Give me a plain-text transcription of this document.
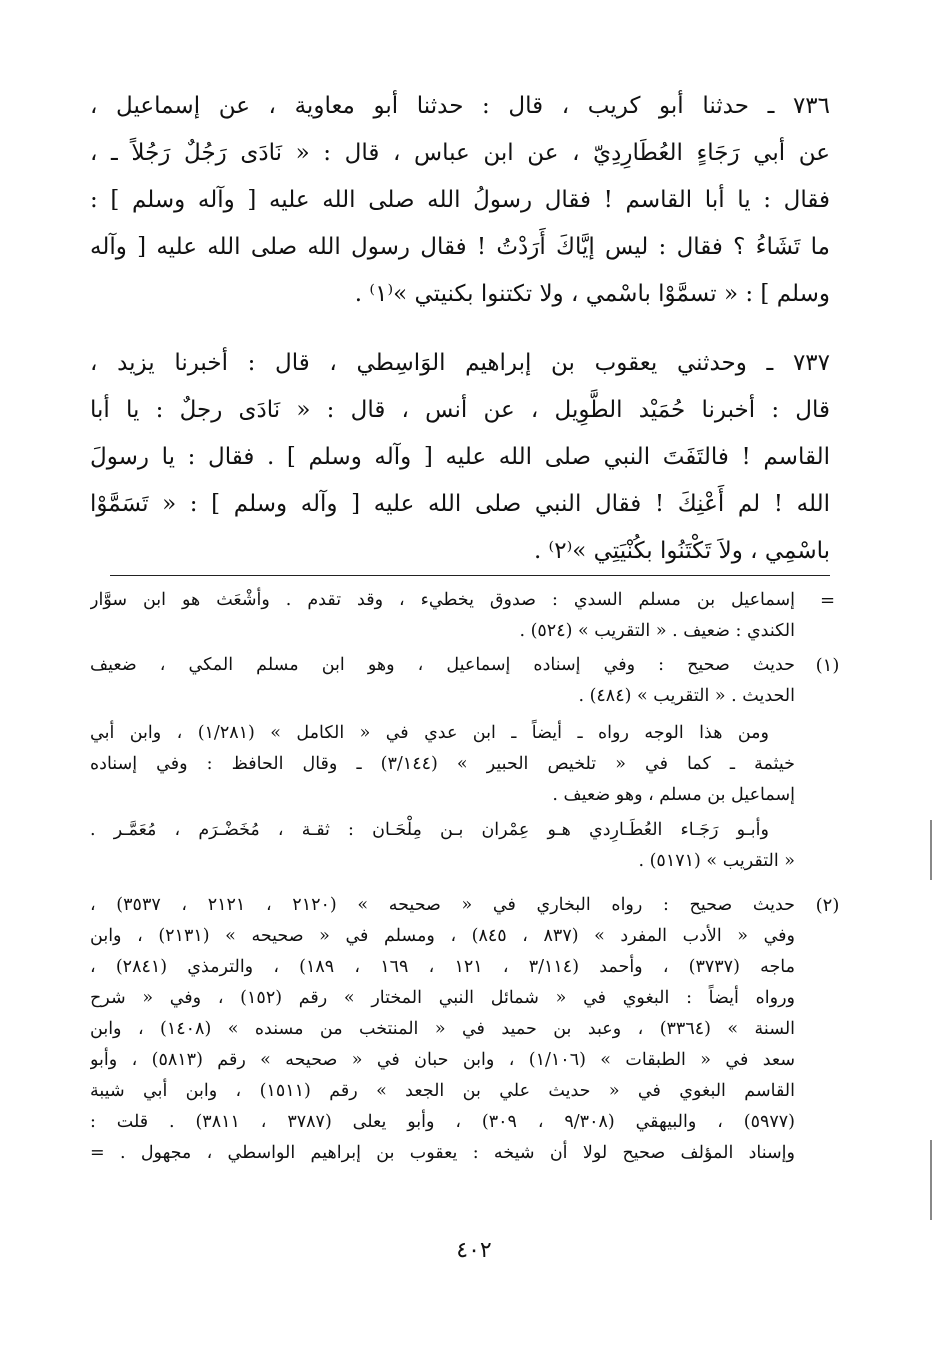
٧٣٦ ـ حدثنا أبو كريب ، قال : حدثنا أبو معاوية ، عن إسماعيل ،
عن أبي رَجَاءٍ العُطَارِدِيّ ، عن ابن عباس ، قال : « نَادَى رَجُلٌ رَجُلاً ـ ،
فقال : يا أبا القاسم ! فقال رسولُ الله صلى الله عليه [ وآله وسلم ] :
ما تَشَاءُ ؟ فقال : ليس إيَّاكَ أَرَدْتُ ! فقال رسول الله صلى الله عليه [ وآله
وسلم ] : « تسمَّوْا باسْمي ، ولا تكتنوا بكنيتي »⁽١⁾ .
٧٣٧ ـ وحدثني يعقوب بن إبراهيم الوَاسِطي ، قال : أخبرنا يزيد ،
قال : أخبرنا حُمَيْد الطَّوِيل ، عن أنس ، قال : « نَادَى رجلٌ : يا أبا
القاسم ! فالتَفَتَ النبي صلى الله عليه [ وآله وسلم ] . فقال : يا رسولَ
الله ! لم أَعْنِكَ ! فقال النبي صلى الله عليه [ وآله وسلم ] : « تَسَمَّوْا
باسْمِي ، ولاَ تَكْتَنُوا بكُنْيَتِي »⁽٢⁾ .
=
إسماعيل بن مسلم السدي : صدوق يخطيء ، وقد تقدم . وأشْعَث هو ابن سوَّار
الكندي : ضعيف . « التقريب » (٥٢٤) .
(١)
حديث صحيح : وفي إسناده إسماعيل ، وهو ابن مسلم المكي ، ضعيف
الحديث . « التقريب » (٤٨٤) .
ومن هذا الوجه رواه ـ أيضاً ـ ابن عدي في « الكامل » (١/٢٨١) ، وابن أبي
خيثمة ـ كما في « تلخيص الحبير » (٣/١٤٤) ـ وقال الحافظ : وفي إسناده
إسماعيل بن مسلم ، وهو ضعيف .
وأبـو رَجَـاء العُطَـارِدي هـو عِمْران بـن مِلْحَـان : ثقـة ، مُخَضْـرَم ، مُعَمَّـر .
« التقريب » (٥١٧١) .
(٢)
حديث صحيح : رواه البخاري في « صحيحه » (٢١٢٠ ، ٢١٢١ ، ٣٥٣٧) ،
وفي « الأدب المفرد » (٨٣٧ ، ٨٤٥) ، ومسلم في « صحيحه » (٢١٣١) ، وابن
ماجه (٣٧٣٧) ، وأحمد (٣/١١٤ ، ١٢١ ، ١٦٩ ، ١٨٩) ، والترمذي (٢٨٤١) ،
ورواه أيضاً : البغوي في « شمائل النبي المختار » رقم (١٥٢) ، وفي « شرح
السنة » (٣٣٦٤) ، وعبد بن حميد في « المنتخب من مسنده » (١٤٠٨) ، وابن
سعد في « الطبقات » (١/١٠٦) ، وابن حبان في « صحيحه » رقم (٥٨١٣) ، وأبو
القاسم البغوي في « حديث علي بن الجعد » رقم (١٥١١) ، وابن أبي شيبة
(٥٩٧٧) ، والبيهقي (٩/٣٠٨ ، ٣٠٩) ، وأبو يعلى (٣٧٨٧ ، ٣٨١١) . قلت :
وإسناد المؤلف صحيح لولا أن شيخه : يعقوب بن إبراهيم الواسطي ، مجهول . =
٤٠٢
